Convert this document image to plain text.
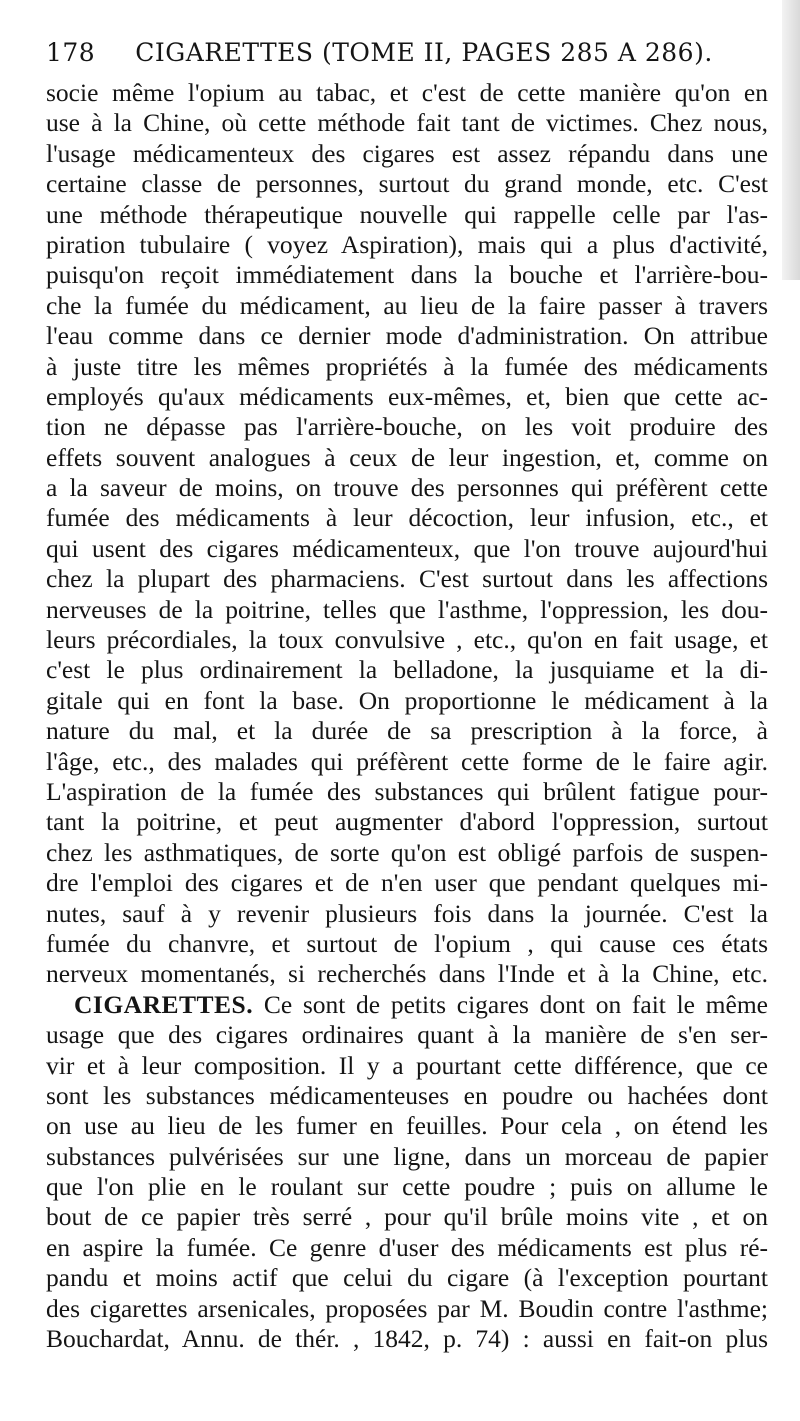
178 CIGARETTES (TOME II, PAGES 285 A 286).
socie même l'opium au tabac, et c'est de cette manière qu'on en
use à la Chine, où cette méthode fait tant de victimes. Chez nous,
l'usage médicamenteux des cigares est assez répandu dans une
certaine classe de personnes, surtout du grand monde, etc. C'est
une méthode thérapeutique nouvelle qui rappelle celle par l'as-
piration tubulaire ( voyez Aspiration), mais qui a plus d'activité,
puisqu'on reçoit immédiatement dans la bouche et l'arrière-bou-
che la fumée du médicament, au lieu de la faire passer à travers
l'eau comme dans ce dernier mode d'administration. On attribue
à juste titre les mêmes propriétés à la fumée des médicaments
employés qu'aux médicaments eux-mêmes, et, bien que cette ac-
tion ne dépasse pas l'arrière-bouche, on les voit produire des
effets souvent analogues à ceux de leur ingestion, et, comme on
a la saveur de moins, on trouve des personnes qui préfèrent cette
fumée des médicaments à leur décoction, leur infusion, etc., et
qui usent des cigares médicamenteux, que l'on trouve aujourd'hui
chez la plupart des pharmaciens. C'est surtout dans les affections
nerveuses de la poitrine, telles que l'asthme, l'oppression, les dou-
leurs précordiales, la toux convulsive , etc., qu'on en fait usage, et
c'est le plus ordinairement la belladone, la jusquiame et la di-
gitale qui en font la base. On proportionne le médicament à la
nature du mal, et la durée de sa prescription à la force, à
l'âge, etc., des malades qui préfèrent cette forme de le faire agir.
L'aspiration de la fumée des substances qui brûlent fatigue pour-
tant la poitrine, et peut augmenter d'abord l'oppression, surtout
chez les asthmatiques, de sorte qu'on est obligé parfois de suspen-
dre l'emploi des cigares et de n'en user que pendant quelques mi-
nutes, sauf à y revenir plusieurs fois dans la journée. C'est la
fumée du chanvre, et surtout de l'opium , qui cause ces états
nerveux momentanés, si recherchés dans l'Inde et à la Chine, etc.
CIGARETTES. Ce sont de petits cigares dont on fait le même
usage que des cigares ordinaires quant à la manière de s'en ser-
vir et à leur composition. Il y a pourtant cette différence, que ce
sont les substances médicamenteuses en poudre ou hachées dont
on use au lieu de les fumer en feuilles. Pour cela , on étend les
substances pulvérisées sur une ligne, dans un morceau de papier
que l'on plie en le roulant sur cette poudre ; puis on allume le
bout de ce papier très serré , pour qu'il brûle moins vite , et on
en aspire la fumée. Ce genre d'user des médicaments est plus ré-
pandu et moins actif que celui du cigare (à l'exception pourtant
des cigarettes arsenicales, proposées par M. Boudin contre l'asthme;
Bouchardat, Annu. de thér. , 1842, p. 74) : aussi en fait-on plus
